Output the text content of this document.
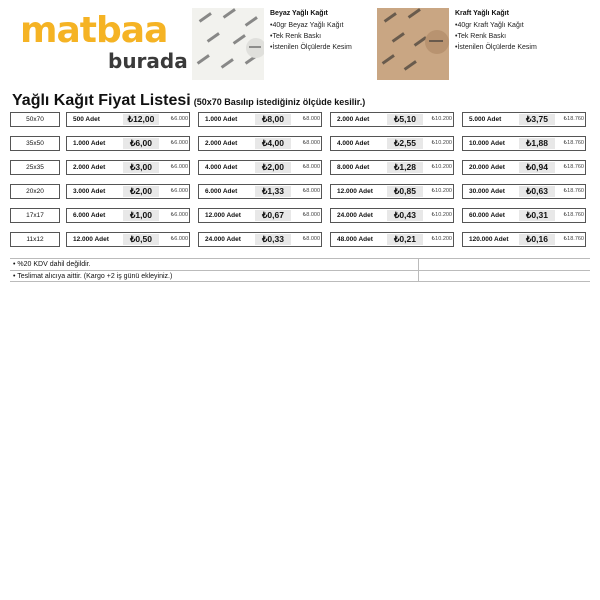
matbaa
burada
Beyaz Yağlı Kağıt
•40gr Beyaz Yağlı Kağıt
•Tek Renk Baskı
•İstenilen Ölçülerde Kesim
Kraft Yağlı Kağıt
•40gr Kraft Yağlı Kağıt
•Tek Renk Baskı
•İstenilen Ölçülerde Kesim
Yağlı Kağıt Fiyat Listesi (50x70 Basılıp istediğiniz ölçüde kesilir.)
50x70	500 Adet	₺12,00	₺6.000	1.000 Adet	₺8,00	₺8.000	2.000 Adet	₺5,10	₺10.200	5.000 Adet	₺3,75	₺18.760
35x50	1.000 Adet	₺6,00	₺6.000	2.000 Adet	₺4,00	₺8.000	4.000 Adet	₺2,55	₺10.200	10.000 Adet	₺1,88	₺18.760
25x35	2.000 Adet	₺3,00	₺6.000	4.000 Adet	₺2,00	₺8.000	8.000 Adet	₺1,28	₺10.200	20.000 Adet	₺0,94	₺18.760
20x20	3.000 Adet	₺2,00	₺6.000	6.000 Adet	₺1,33	₺8.000	12.000 Adet	₺0,85	₺10.200	30.000 Adet	₺0,63	₺18.760
17x17	6.000 Adet	₺1,00	₺6.000	12.000 Adet	₺0,67	₺8.000	24.000 Adet	₺0,43	₺10.200	60.000 Adet	₺0,31	₺18.760
11x12	12.000 Adet	₺0,50	₺6.000	24.000 Adet	₺0,33	₺8.000	48.000 Adet	₺0,21	₺10.200	120.000 Adet	₺0,16	₺18.760
• %20 KDV dahil değildir.
• Teslimat alıcıya aittir. (Kargo +2 iş günü ekleyiniz.)
